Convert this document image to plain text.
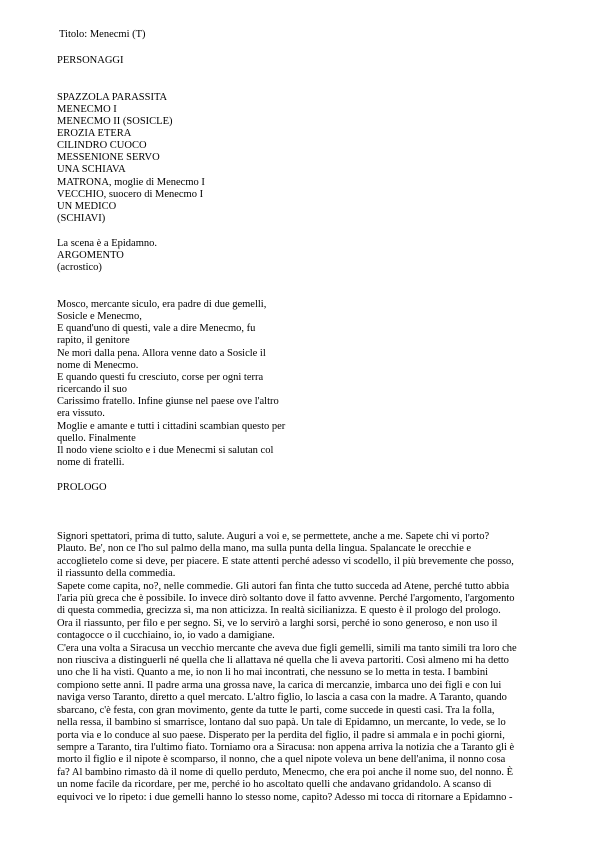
Titolo: Menecmi (T)
PERSONAGGI
SPAZZOLA PARASSITA
MENECMO I
MENECMO II (SOSICLE)
EROZIA ETERA
CILINDRO CUOCO
MESSENIONE SERVO
UNA SCHIAVA
MATRONA, moglie di Menecmo I
VECCHIO, suocero di Menecmo I
UN MEDICO
(SCHIAVI)
La scena è a Epidamno.
ARGOMENTO
(acrostico)
Mosco, mercante siculo, era padre di due gemelli,
Sosicle e Menecmo,
E quand'uno di questi, vale a dire Menecmo, fu
rapito, il genitore
Ne morì dalla pena. Allora venne dato a Sosicle il
nome di Menecmo.
E quando questi fu cresciuto, corse per ogni terra
ricercando il suo
Carissimo fratello. Infine giunse nel paese ove l'altro
era vissuto.
Moglie e amante e tutti i cittadini scambian questo per
quello. Finalmente
Il nodo viene sciolto e i due Menecmi si salutan col
nome di fratelli.
PROLOGO
Signori spettatori, prima di tutto, salute. Auguri a voi e, se permettete, anche a me. Sapete chi vi porto?
Plauto. Be', non ce l'ho sul palmo della mano, ma sulla punta della lingua. Spalancate le orecchie e
accoglietelo come si deve, per piacere. E state attenti perché adesso vi scodello, il più brevemente che posso,
il riassunto della commedia.
Sapete come capita, no?, nelle commedie. Gli autori fan finta che tutto succeda ad Atene, perché tutto abbia
l'aria più greca che è possibile. Io invece dirò soltanto dove il fatto avvenne. Perché l'argomento, l'argomento
di questa commedia, grecizza sì, ma non atticizza. In realtà sicilianizza. E questo è il prologo del prologo.
Ora il riassunto, per filo e per segno. Sì, ve lo servirò a larghi sorsi, perché io sono generoso, e non uso il
contagocce o il cucchiaino, io, io vado a damigiane.
C'era una volta a Siracusa un vecchio mercante che aveva due figli gemelli, simili ma tanto simili tra loro che
non riusciva a distinguerli né quella che li allattava né quella che li aveva partoriti. Così almeno mi ha detto
uno che li ha visti. Quanto a me, io non li ho mai incontrati, che nessuno se lo metta in testa. I bambini
compiono sette anni. Il padre arma una grossa nave, la carica di mercanzie, imbarca uno dei figli e con lui
naviga verso Taranto, diretto a quel mercato. L'altro figlio, lo lascia a casa con la madre. A Taranto, quando
sbarcano, c'è festa, con gran movimento, gente da tutte le parti, come succede in questi casi. Tra la folla,
nella ressa, il bambino si smarrisce, lontano dal suo papà. Un tale di Epidamno, un mercante, lo vede, se lo
porta via e lo conduce al suo paese. Disperato per la perdita del figlio, il padre si ammala e in pochi giorni,
sempre a Taranto, tira l'ultimo fiato. Torniamo ora a Siracusa: non appena arriva la notizia che a Taranto gli è
morto il figlio e il nipote è scomparso, il nonno, che a quel nipote voleva un bene dell'anima, il nonno cosa
fa? Al bambino rimasto dà il nome di quello perduto, Menecmo, che era poi anche il nome suo, del nonno. È
un nome facile da ricordare, per me, perché io ho ascoltato quelli che andavano gridandolo. A scanso di
equivoci ve lo ripeto: i due gemelli hanno lo stesso nome, capito? Adesso mi tocca di ritornare a Epidamno -
